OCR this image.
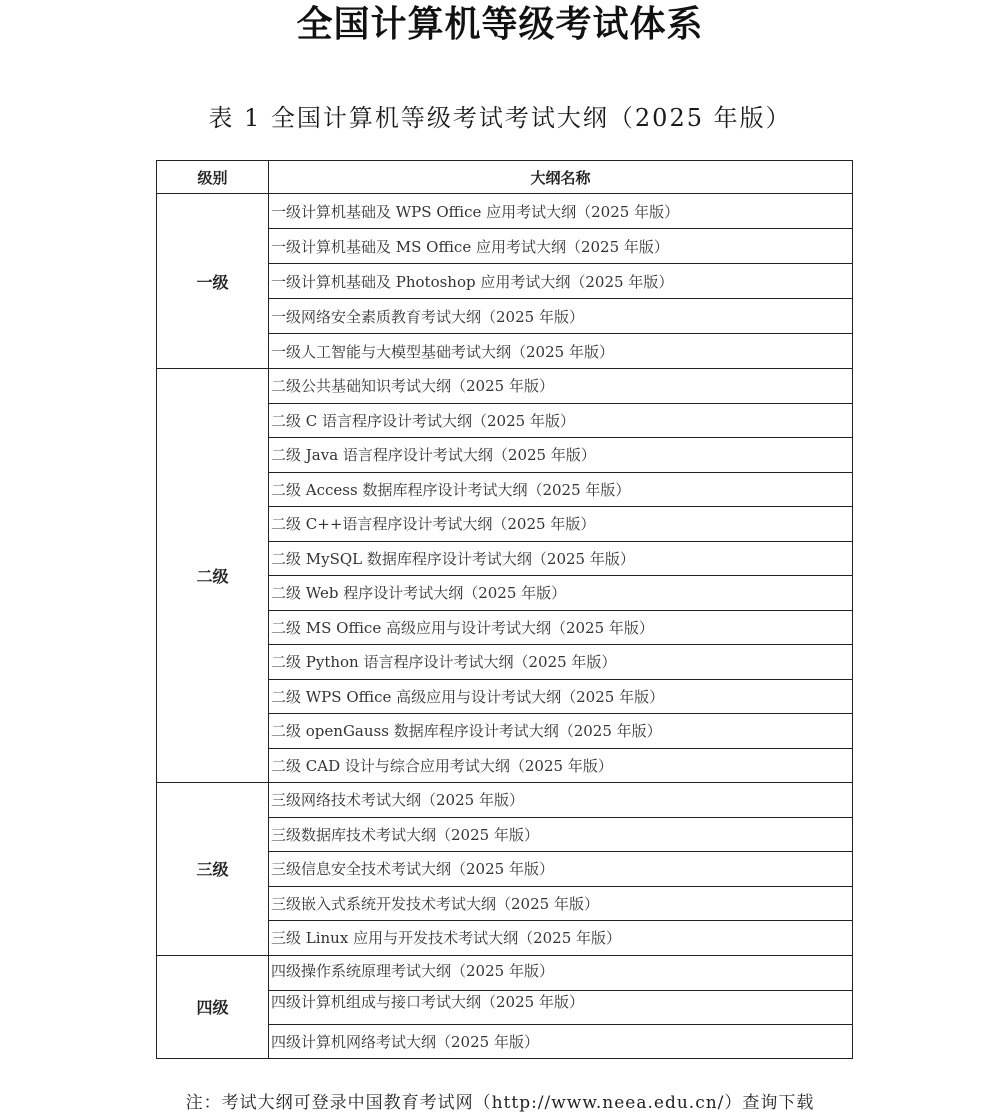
全国计算机等级考试体系
表 1 全国计算机等级考试考试大纲（2025 年版）
级别	大纲名称
一级	一级计算机基础及 WPS Office 应用考试大纲（2025 年版）
	一级计算机基础及 MS Office 应用考试大纲（2025 年版）
	一级计算机基础及 Photoshop 应用考试大纲（2025 年版）
	一级网络安全素质教育考试大纲（2025 年版）
	一级人工智能与大模型基础考试大纲（2025 年版）
二级	二级公共基础知识考试大纲（2025 年版）
	二级 C 语言程序设计考试大纲（2025 年版）
	二级 Java 语言程序设计考试大纲（2025 年版）
	二级 Access 数据库程序设计考试大纲（2025 年版）
	二级 C++语言程序设计考试大纲（2025 年版）
	二级 MySQL 数据库程序设计考试大纲（2025 年版）
	二级 Web 程序设计考试大纲（2025 年版）
	二级 MS Office 高级应用与设计考试大纲（2025 年版）
	二级 Python 语言程序设计考试大纲（2025 年版）
	二级 WPS Office 高级应用与设计考试大纲（2025 年版）
	二级 openGauss 数据库程序设计考试大纲（2025 年版）
	二级 CAD 设计与综合应用考试大纲（2025 年版）
三级	三级网络技术考试大纲（2025 年版）
	三级数据库技术考试大纲（2025 年版）
	三级信息安全技术考试大纲（2025 年版）
	三级嵌入式系统开发技术考试大纲（2025 年版）
	三级 Linux 应用与开发技术考试大纲（2025 年版）
四级	四级操作系统原理考试大纲（2025 年版）
	四级计算机组成与接口考试大纲（2025 年版）
	四级计算机网络考试大纲（2025 年版）
注：考试大纲可登录中国教育考试网（http://www.neea.edu.cn/）查询下载
